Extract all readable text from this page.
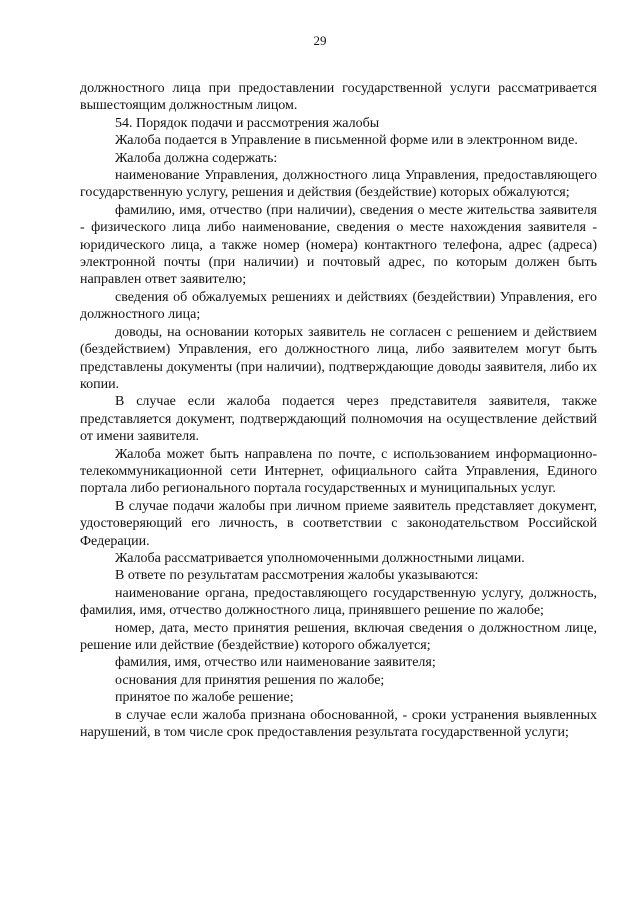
29

должностного лица при предоставлении государственной услуги рассматривается вышестоящим должностным лицом.

54. Порядок подачи и рассмотрения жалобы

Жалоба подается в Управление в письменной форме или в электронном виде.

Жалоба должна содержать:

наименование Управления, должностного лица Управления, предоставляющего государственную услугу, решения и действия (бездействие) которых обжалуются;

фамилию, имя, отчество (при наличии), сведения о месте жительства заявителя - физического лица либо наименование, сведения о месте нахождения заявителя - юридического лица, а также номер (номера) контактного телефона, адрес (адреса) электронной почты (при наличии) и почтовый адрес, по которым должен быть направлен ответ заявителю;

сведения об обжалуемых решениях и действиях (бездействии) Управления, его должностного лица;

доводы, на основании которых заявитель не согласен с решением и действием (бездействием) Управления, его должностного лица, либо заявителем могут быть представлены документы (при наличии), подтверждающие доводы заявителя, либо их копии.

В случае если жалоба подается через представителя заявителя, также представляется документ, подтверждающий полномочия на осуществление действий от имени заявителя.

Жалоба может быть направлена по почте, с использованием информационно-телекоммуникационной сети Интернет, официального сайта Управления, Единого портала либо регионального портала государственных и муниципальных услуг.

В случае подачи жалобы при личном приеме заявитель представляет документ, удостоверяющий его личность, в соответствии с законодательством Российской Федерации.

Жалоба рассматривается уполномоченными должностными лицами.

В ответе по результатам рассмотрения жалобы указываются:

наименование органа, предоставляющего государственную услугу, должность, фамилия, имя, отчество должностного лица, принявшего решение по жалобе;

номер, дата, место принятия решения, включая сведения о должностном лице, решение или действие (бездействие) которого обжалуется;

фамилия, имя, отчество или наименование заявителя;

основания для принятия решения по жалобе;

принятое по жалобе решение;

в случае если жалоба признана обоснованной, - сроки устранения выявленных нарушений, в том числе срок предоставления результата государственной услуги;
